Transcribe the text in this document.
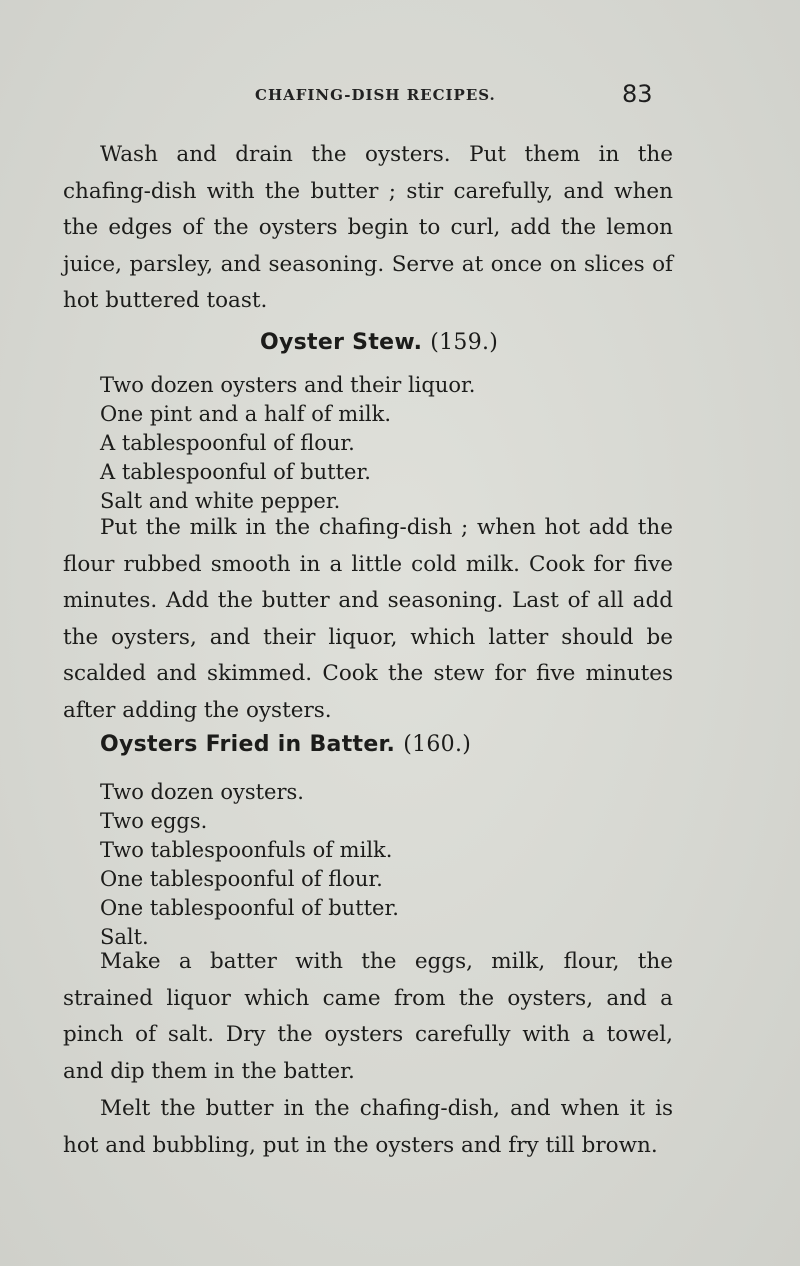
CHAFING-DISH RECIPES.	83

Wash and drain the oysters. Put them in the chafing-dish with the butter ; stir carefully, and when the edges of the oysters begin to curl, add the lemon juice, parsley, and seasoning. Serve at once on slices of hot buttered toast.

Oyster Stew. (159.)
Two dozen oysters and their liquor.
One pint and a half of milk.
A tablespoonful of flour.
A tablespoonful of butter.
Salt and white pepper.

Put the milk in the chafing-dish ; when hot add the flour rubbed smooth in a little cold milk. Cook for five minutes. Add the butter and seasoning. Last of all add the oysters, and their liquor, which latter should be scalded and skimmed. Cook the stew for five minutes after adding the oysters.

Oysters Fried in Batter. (160.)
Two dozen oysters.
Two eggs.
Two tablespoonfuls of milk.
One tablespoonful of flour.
One tablespoonful of butter.
Salt.

Make a batter with the eggs, milk, flour, the strained liquor which came from the oysters, and a pinch of salt. Dry the oysters carefully with a towel, and dip them in the batter.

Melt the butter in the chafing-dish, and when it is hot and bubbling, put in the oysters and fry till brown.
